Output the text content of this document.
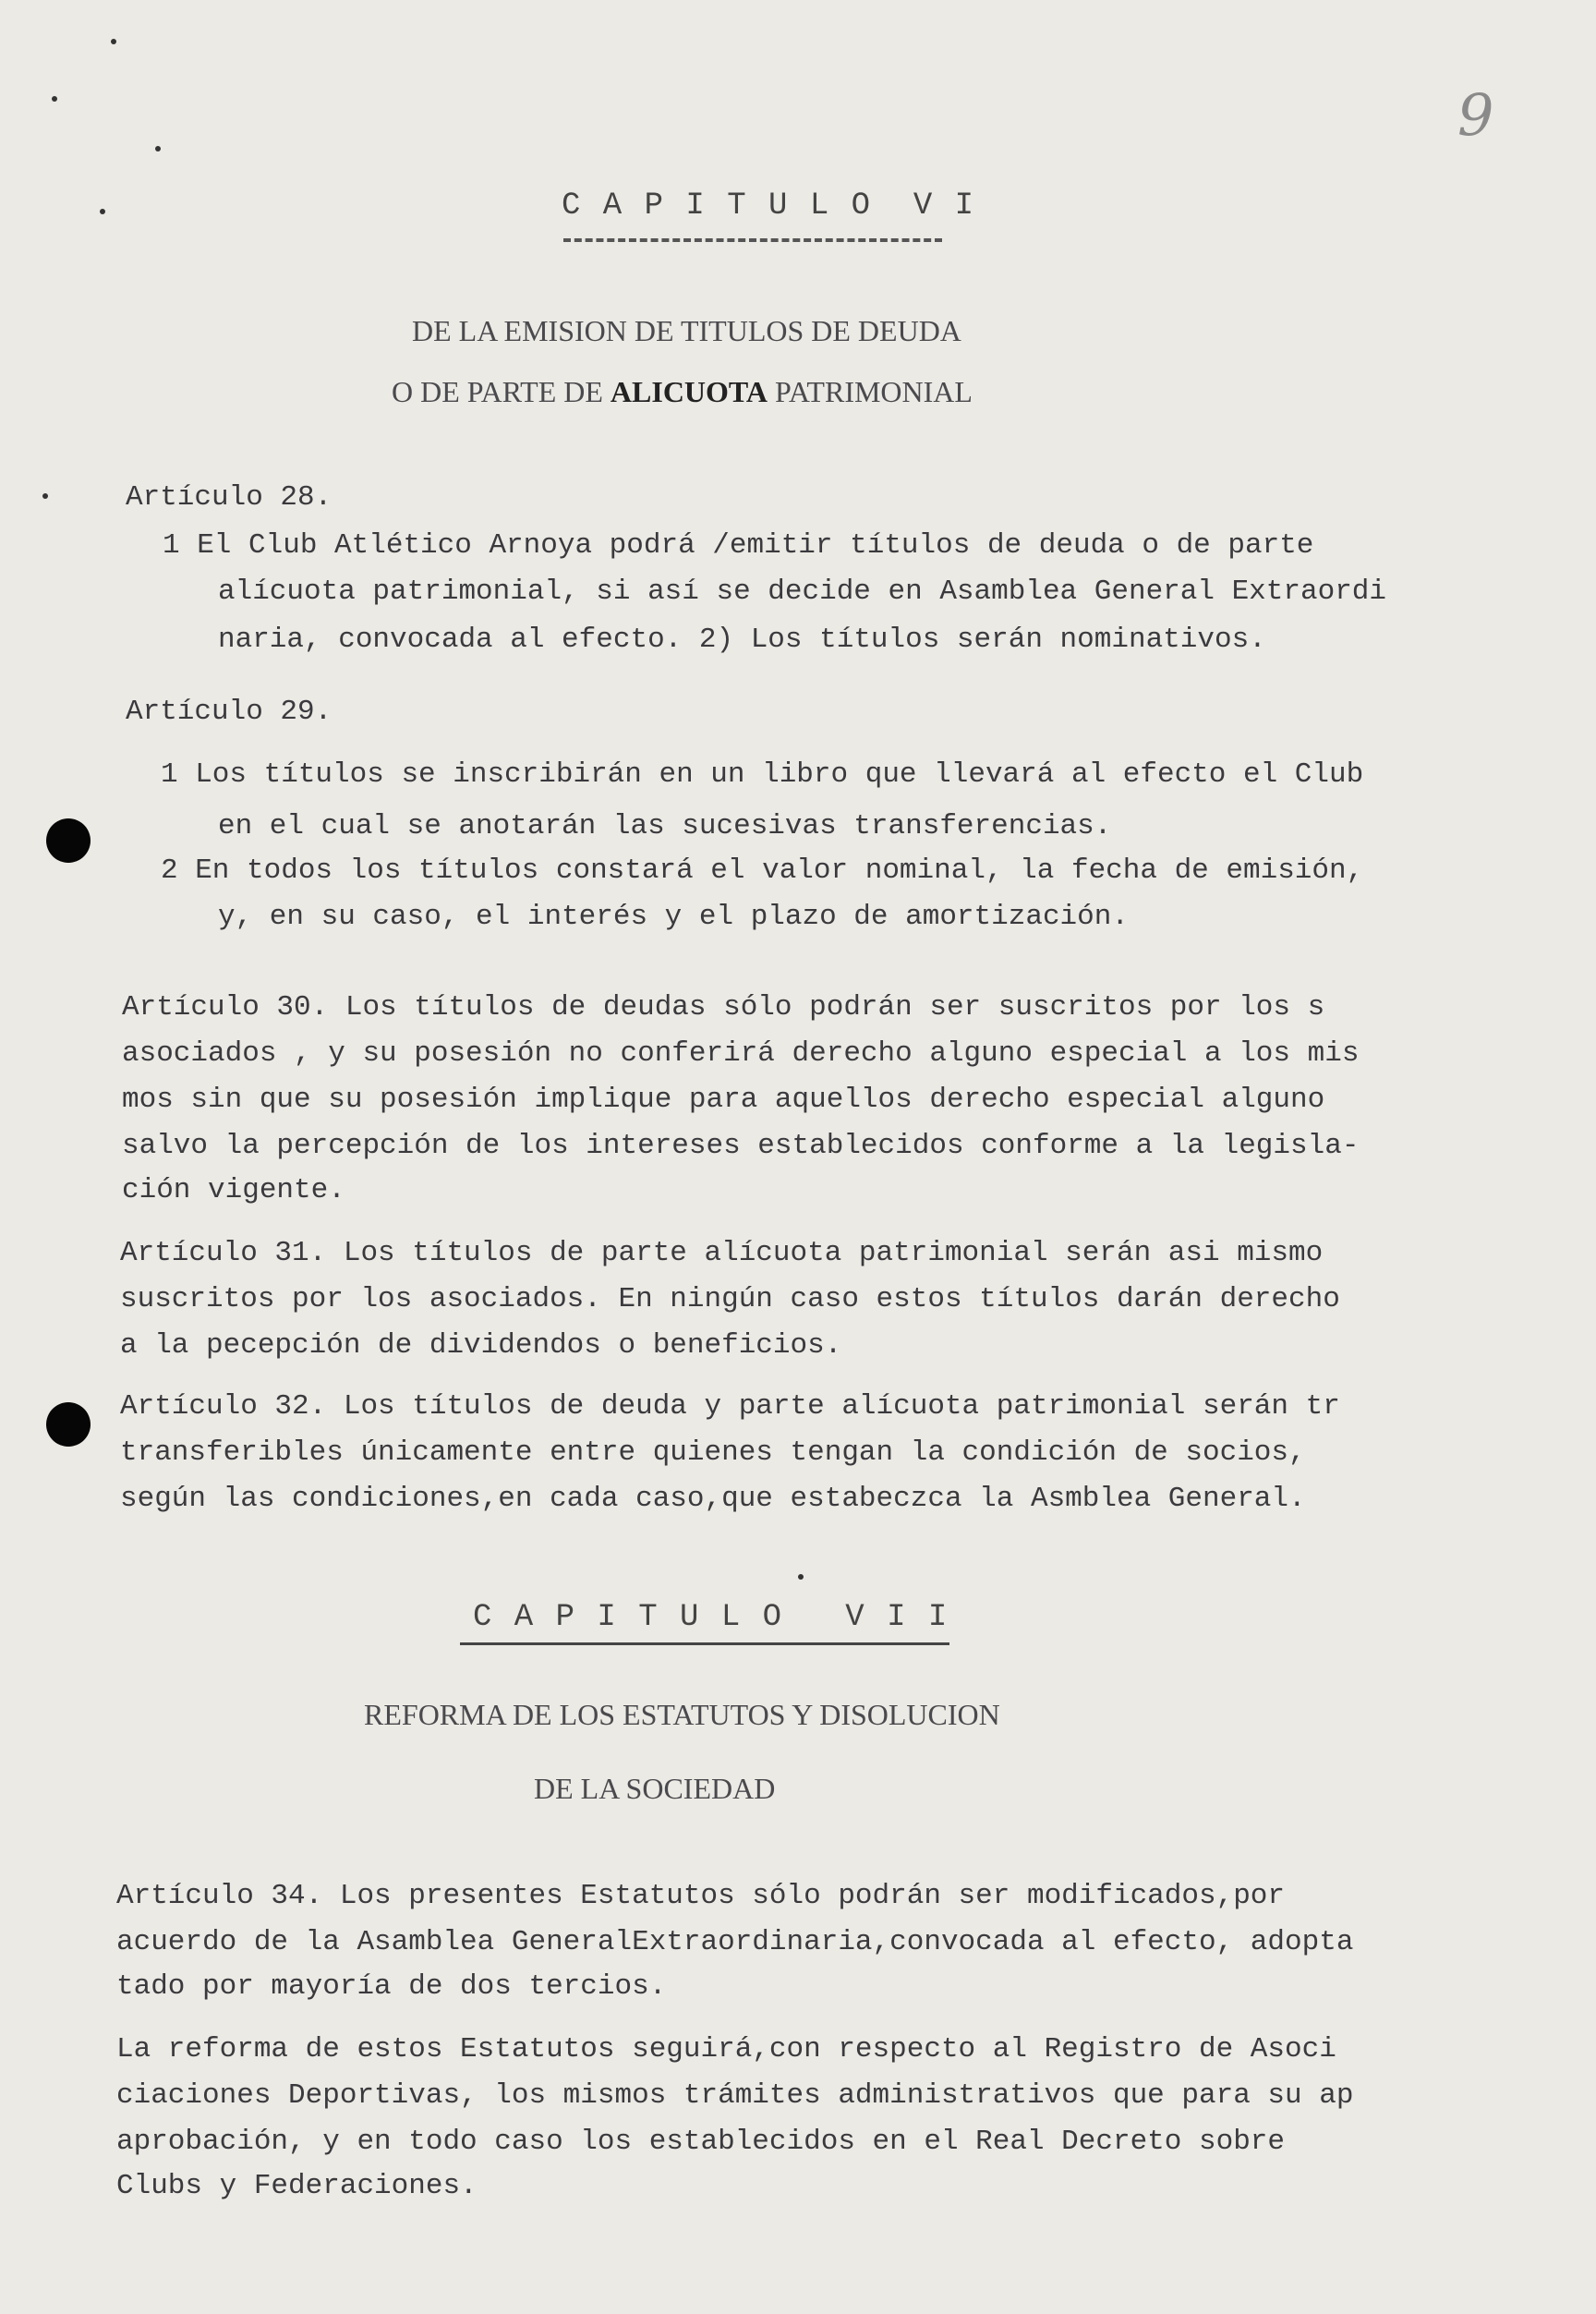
9
C A P I T U L O  V I
DE LA EMISION DE TITULOS DE DEUDA
O DE PARTE DE ALICUOTA PATRIMONIAL
Artículo 28.
1 El Club Atlético Arnoya podrá /emitir títulos de deuda o de parte
alícuota patrimonial, si así se decide en Asamblea General Extraordi
naria, convocada al efecto. 2) Los títulos serán nominativos.
Artículo 29.
1 Los títulos se inscribirán en un libro que llevará al efecto el Club
en el cual se anotarán las sucesivas transferencias.
2 En todos los títulos constará el valor nominal, la fecha de emisión,
y, en su caso, el interés y el plazo de amortización.
Artículo 30. Los títulos de deudas sólo podrán ser suscritos por los s
asociados , y su posesión no conferirá derecho alguno especial a los mis
mos sin que su posesión implique para aquellos derecho especial alguno
salvo la percepción de los intereses establecidos conforme a la legisla-
ción vigente.
Artículo 31. Los títulos de parte alícuota patrimonial serán asi mismo
suscritos por los asociados. En ningún caso estos títulos darán derecho
a la pecepción de dividendos o beneficios.
Artículo 32. Los títulos de deuda y parte alícuota patrimonial serán tr
transferibles únicamente entre quienes tengan la condición de socios,
según las condiciones,en cada caso,que estabeczca la Asmblea General.
C A P I T U L O   V I I
REFORMA DE LOS ESTATUTOS Y DISOLUCION
DE LA SOCIEDAD
Artículo 34. Los presentes Estatutos sólo podrán ser modificados,por
acuerdo de la Asamblea GeneralExtraordinaria,convocada al efecto, adopta
tado por mayoría de dos tercios.
La reforma de estos Estatutos seguirá,con respecto al Registro de Asoci
ciaciones Deportivas, los mismos trámites administrativos que para su ap
aprobación, y en todo caso los establecidos en el Real Decreto sobre
Clubs y Federaciones.
